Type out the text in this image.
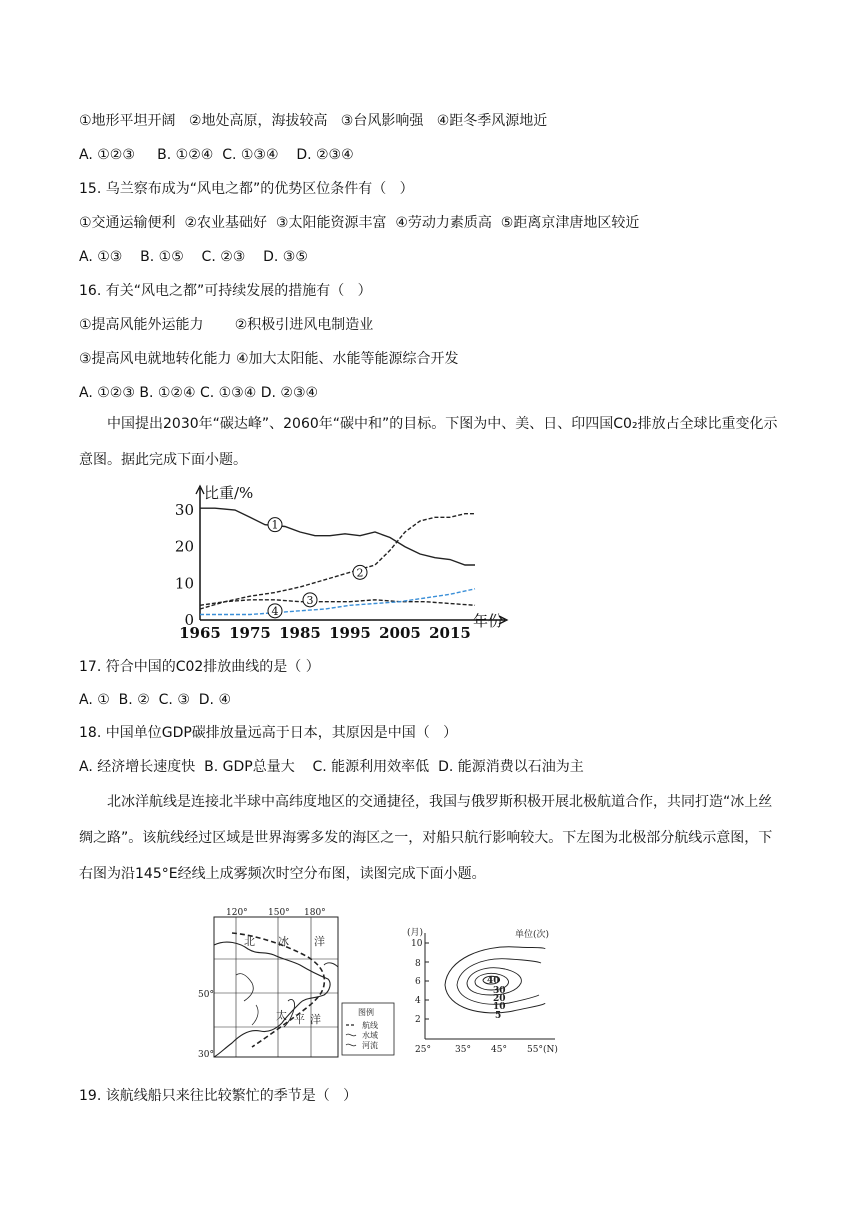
①地形平坦开阔   ②地处高原，海拔较高   ③台风影响强   ④距冬季风源地近
A. ①②③     B. ①②④  C. ①③④    D. ②③④
15. 乌兰察布成为“风电之都”的优势区位条件有（   ）
①交通运输便利  ②农业基础好  ③太阳能资源丰富  ④劳动力素质高  ⑤距离京津唐地区较近
A. ①③    B. ①⑤    C. ②③    D. ③⑤
16. 有关“风电之都”可持续发展的措施有（   ）
①提高风能外运能力       ②积极引进风电制造业
③提高风电就地转化能力 ④加大太阳能、水能等能源综合开发
A. ①②③ B. ①②④ C. ①③④ D. ②③④
中国提出2030年“碳达峰”、2060年“碳中和”的目标。下图为中、美、日、印四国C0₂排放占全球比重变化示意图。据此完成下面小题。
比重/%
年份
0
10
20
30
1965 1975 1985 1995 2005 2015
1
2
3
4
17. 符合中国的C02排放曲线的是（ ）
A. ①  B. ②  C. ③  D. ④
18. 中国单位GDP碳排放量远高于日本，其原因是中国（   ）
A. 经济增长速度快  B. GDP总量大    C. 能源利用效率低  D. 能源消费以石油为主
北冰洋航线是连接北半球中高纬度地区的交通捷径，我国与俄罗斯积极开展北极航道合作，共同打造“冰上丝绸之路”。该航线经过区域是世界海雾多发的海区之一，对船只航行影响较大。下左图为北极部分航线示意图，下右图为沿145°E经线上成雾频次时空分布图，读图完成下面小题。
120° 150° 180°
50°
30°
北 冰 洋
太 平 洋
图例
航线
水域
河流
(月)	单位(次)
10
8
6
4
2
25°	35° 45° 55°(N)
40
30
20
10
5
19. 该航线船只来往比较繁忙的季节是（   ）
